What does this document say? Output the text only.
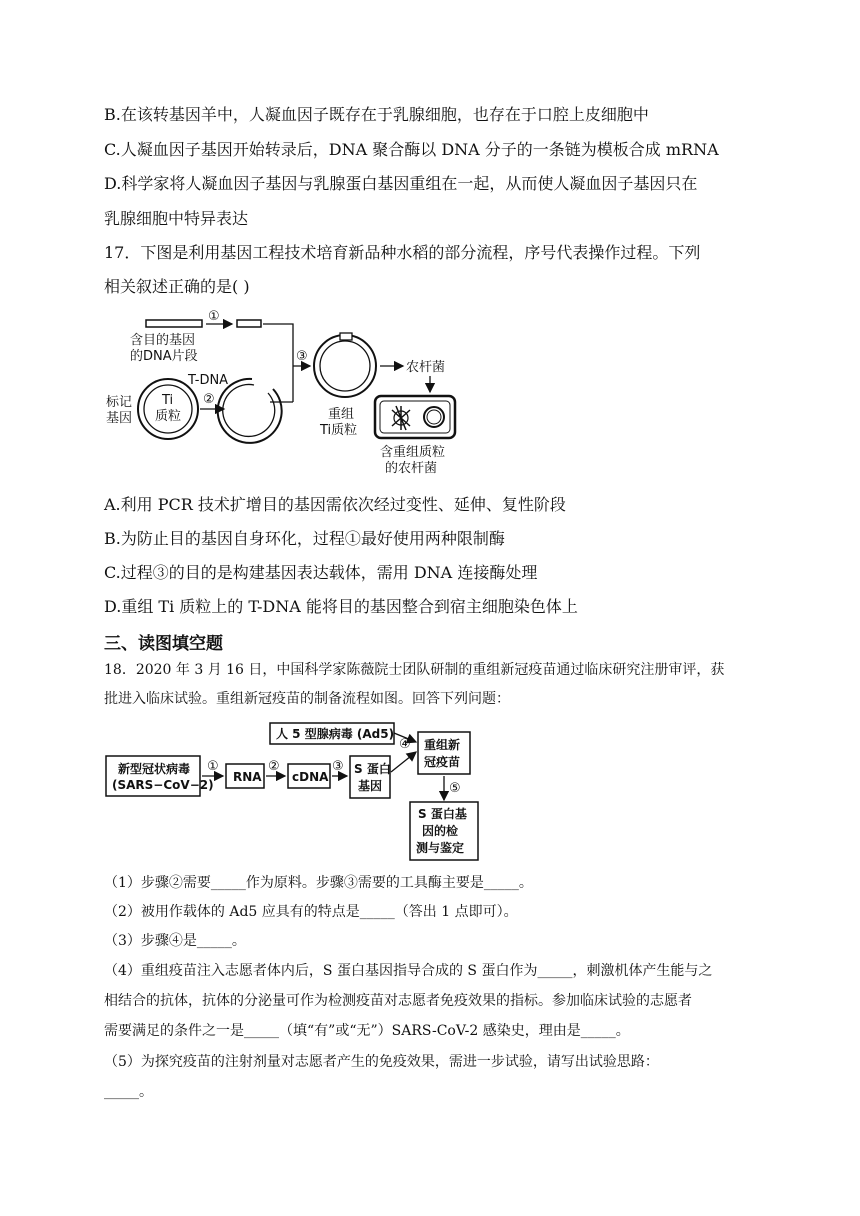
B.在该转基因羊中，人凝血因子既存在于乳腺细胞，也存在于口腔上皮细胞中
C.人凝血因子基因开始转录后，DNA 聚合酶以 DNA 分子的一条链为模板合成 mRNA
D.科学家将人凝血因子基因与乳腺蛋白基因重组在一起，从而使人凝血因子基因只在
乳腺细胞中特异表达
17．下图是利用基因工程技术培育新品种水稻的部分流程，序号代表操作过程。下列
相关叙述正确的是( )
①
含目的基因
的DNA片段
Ti
质粒
标记
基因
T-DNA
②
③
重组
Ti质粒
农杆菌
含重组质粒
的农杆菌
A.利用 PCR 技术扩增目的基因需依次经过变性、延伸、复性阶段
B.为防止目的基因自身环化，过程①最好使用两种限制酶
C.过程③的目的是构建基因表达载体，需用 DNA 连接酶处理
D.重组 Ti 质粒上的 T-DNA 能将目的基因整合到宿主细胞染色体上
三、读图填空题
18．2020 年 3 月 16 日，中国科学家陈薇院士团队研制的重组新冠疫苗通过临床研究注册审评，获
批进入临床试验。重组新冠疫苗的制备流程如图。回答下列问题：
新型冠状病毒
(SARS−CoV−2)
①
RNA
②
cDNA
③ S 蛋白
基因
人 5 型腺病毒 (Ad5)
④ 重组新
冠疫苗
⑤
S 蛋白基
因的检
测与鉴定
（1）步骤②需要_____作为原料。步骤③需要的工具酶主要是_____。
（2）被用作载体的 Ad5 应具有的特点是_____（答出 1 点即可）。
（3）步骤④是_____。
（4）重组疫苗注入志愿者体内后，S 蛋白基因指导合成的 S 蛋白作为_____，刺激机体产生能与之
相结合的抗体，抗体的分泌量可作为检测疫苗对志愿者免疫效果的指标。参加临床试验的志愿者
需要满足的条件之一是_____（填“有”或“无”）SARS-CoV-2 感染史，理由是_____。
（5）为探究疫苗的注射剂量对志愿者产生的免疫效果，需进一步试验，请写出试验思路：
_____。
